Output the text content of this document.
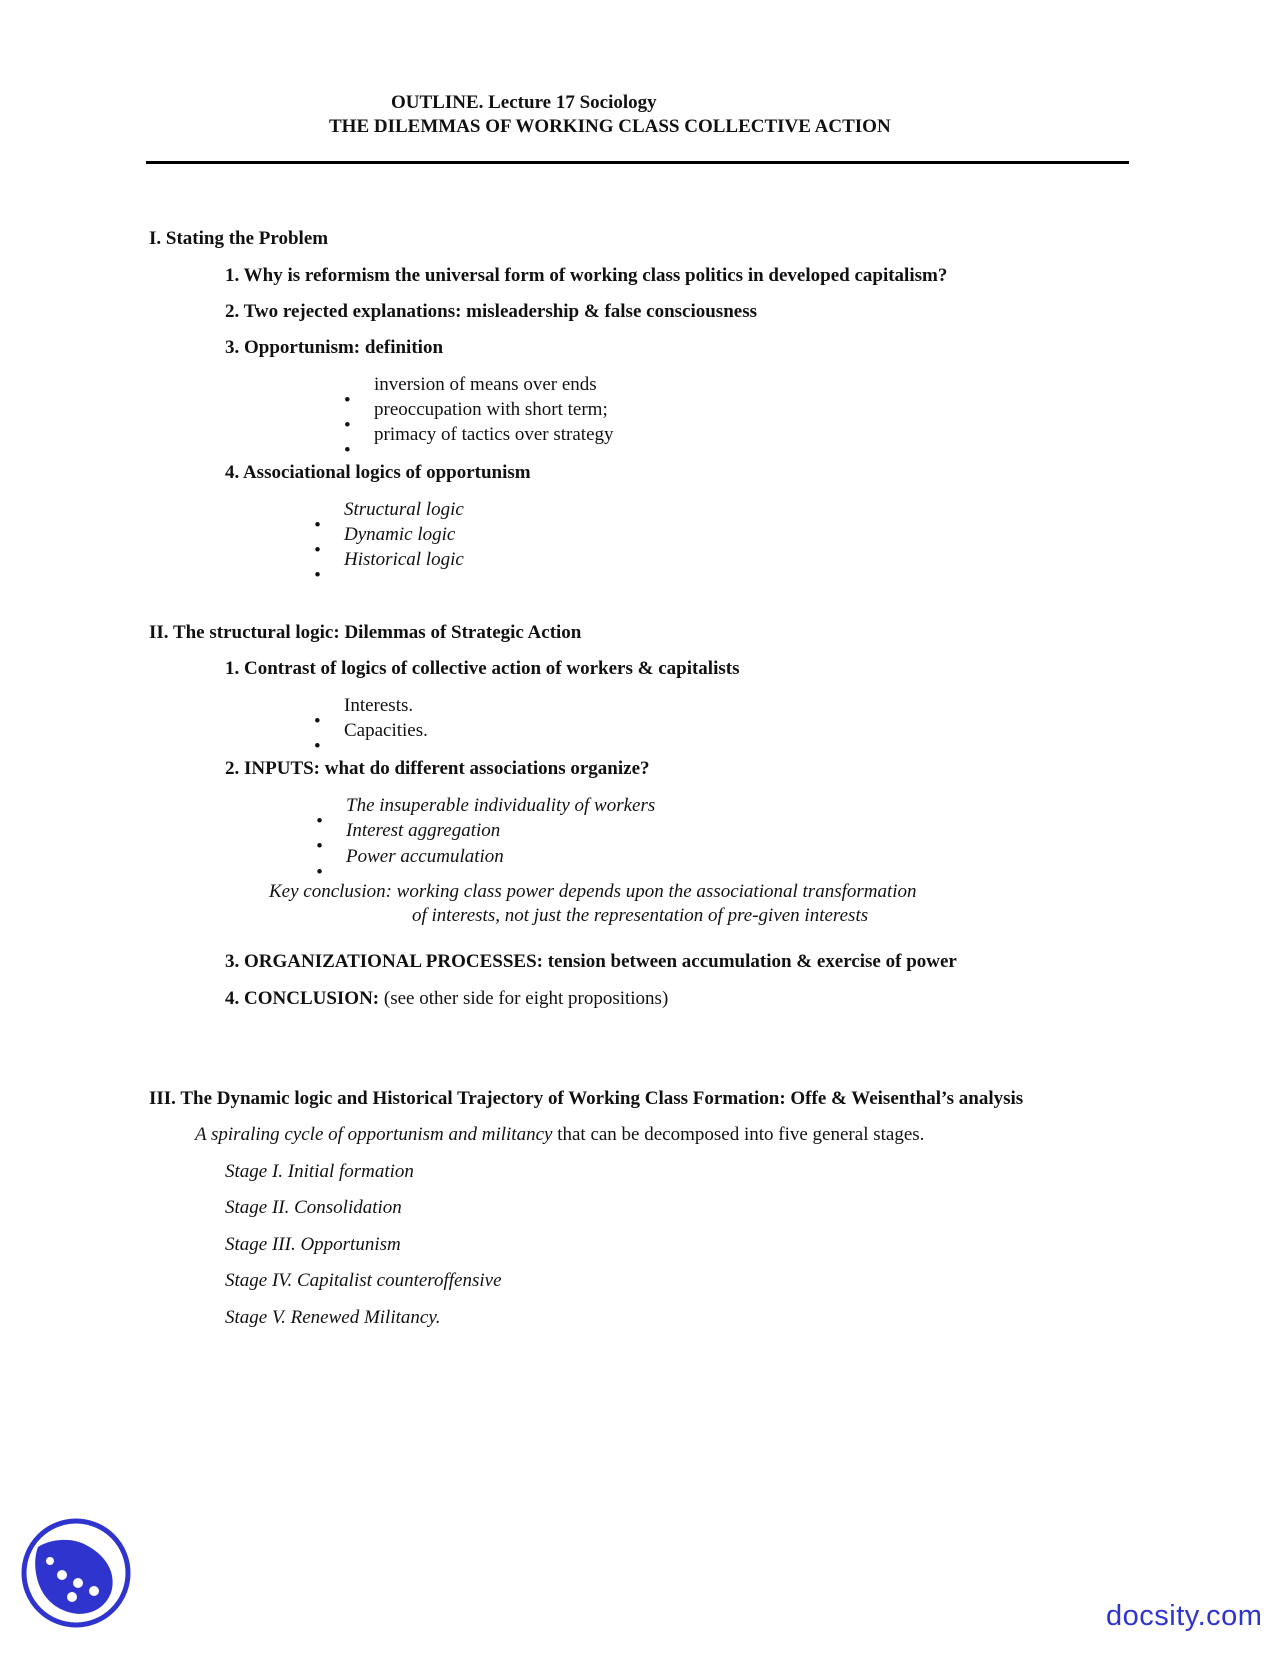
OUTLINE. Lecture 17 Sociology
THE DILEMMAS OF WORKING CLASS COLLECTIVE ACTION
I. Stating the Problem
1. Why is reformism the universal form of working class politics in developed capitalism?
2. Two rejected explanations: misleadership & false consciousness
3. Opportunism: definition
inversion of means over ends
preoccupation with short term;
primacy of tactics over strategy
4. Associational logics of opportunism
Structural logic
Dynamic logic
Historical logic
II. The structural logic: Dilemmas of Strategic Action
1. Contrast of logics of collective action of workers & capitalists
Interests.
Capacities.
2. INPUTS: what do different associations organize?
The insuperable individuality of workers
Interest aggregation
Power accumulation
Key conclusion: working class power depends upon the associational transformation
of interests, not just the representation of pre-given interests
3. ORGANIZATIONAL PROCESSES: tension between accumulation & exercise of power
4. CONCLUSION: (see other side for eight propositions)
III. The Dynamic logic and Historical Trajectory of Working Class Formation: Offe & Weisenthal’s analysis
A spiraling cycle of opportunism and militancy that can be decomposed into five general stages.
Stage I. Initial formation
Stage II. Consolidation
Stage III. Opportunism
Stage IV. Capitalist counteroffensive
Stage V. Renewed Militancy.
docsity.com
